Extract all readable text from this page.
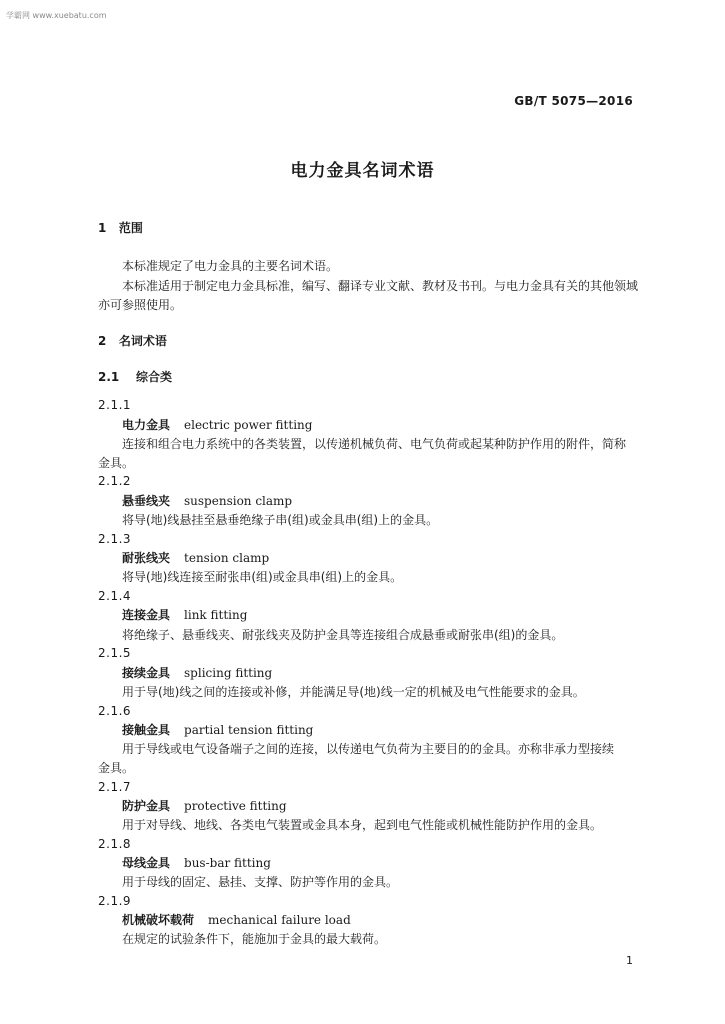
学霸网 www.xuebatu.com
GB/T 5075—2016
电力金具名词术语
1 范围
本标准规定了电力金具的主要名词术语。
本标准适用于制定电力金具标准，编写、翻译专业文献、教材及书刊。与电力金具有关的其他领域
亦可参照使用。
2 名词术语
2.1 综合类
2.1.1
电力金具 electric power fitting
连接和组合电力系统中的各类装置，以传递机械负荷、电气负荷或起某种防护作用的附件，简称
金具。
2.1.2
悬垂线夹 suspension clamp
将导(地)线悬挂至悬垂绝缘子串(组)或金具串(组)上的金具。
2.1.3
耐张线夹 tension clamp
将导(地)线连接至耐张串(组)或金具串(组)上的金具。
2.1.4
连接金具 link fitting
将绝缘子、悬垂线夹、耐张线夹及防护金具等连接组合成悬垂或耐张串(组)的金具。
2.1.5
接续金具 splicing fitting
用于导(地)线之间的连接或补修，并能满足导(地)线一定的机械及电气性能要求的金具。
2.1.6
接触金具 partial tension fitting
用于导线或电气设备端子之间的连接，以传递电气负荷为主要目的的金具。亦称非承力型接续
金具。
2.1.7
防护金具 protective fitting
用于对导线、地线、各类电气装置或金具本身，起到电气性能或机械性能防护作用的金具。
2.1.8
母线金具 bus-bar fitting
用于母线的固定、悬挂、支撑、防护等作用的金具。
2.1.9
机械破坏载荷 mechanical failure load
在规定的试验条件下，能施加于金具的最大载荷。
1
